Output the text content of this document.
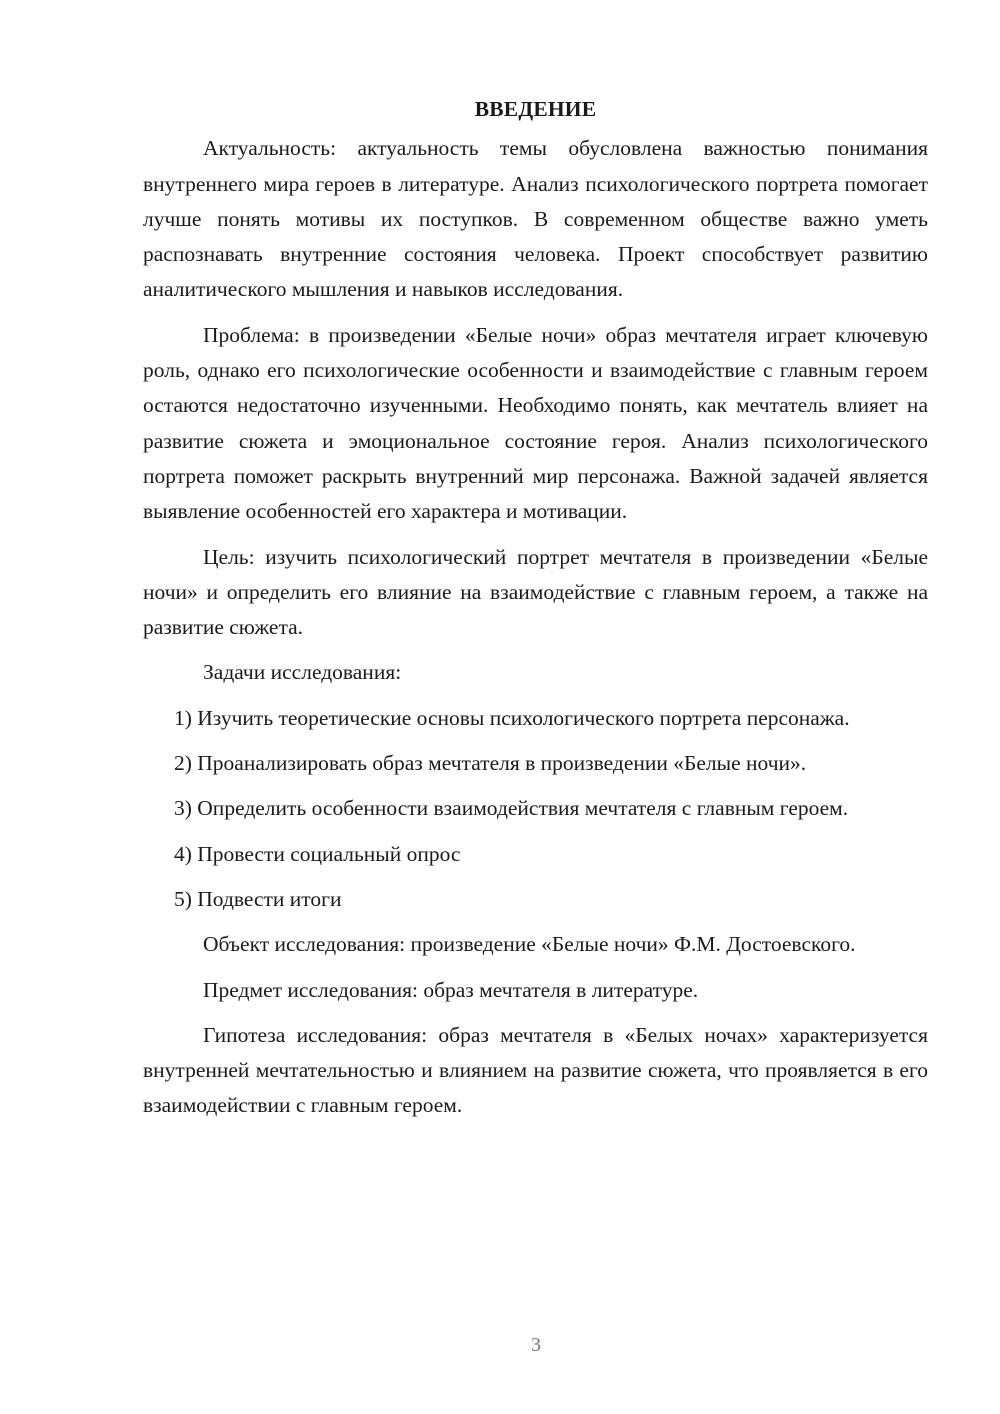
ВВЕДЕНИЕ

Актуальность: актуальность темы обусловлена важностью понимания внутреннего мира героев в литературе. Анализ психологического портрета помогает лучше понять мотивы их поступков. В современном обществе важно уметь распознавать внутренние состояния человека. Проект способствует развитию аналитического мышления и навыков исследования.

Проблема: в произведении «Белые ночи» образ мечтателя играет ключевую роль, однако его психологические особенности и взаимодействие с главным героем остаются недостаточно изученными. Необходимо понять, как мечтатель влияет на развитие сюжета и эмоциональное состояние героя. Анализ психологического портрета поможет раскрыть внутренний мир персонажа. Важной задачей является выявление особенностей его характера и мотивации.

Цель: изучить психологический портрет мечтателя в произведении «Белые ночи» и определить его влияние на взаимодействие с главным героем, а также на развитие сюжета.

Задачи исследования:

1) Изучить теоретические основы психологического портрета персонажа.

2) Проанализировать образ мечтателя в произведении «Белые ночи».

3) Определить особенности взаимодействия мечтателя с главным героем.

4) Провести социальный опрос

5) Подвести итоги

Объект исследования: произведение «Белые ночи» Ф.М. Достоевского.

Предмет исследования: образ мечтателя в литературе.

Гипотеза исследования: образ мечтателя в «Белых ночах» характеризуется внутренней мечтательностью и влиянием на развитие сюжета, что проявляется в его взаимодействии с главным героем.

3
